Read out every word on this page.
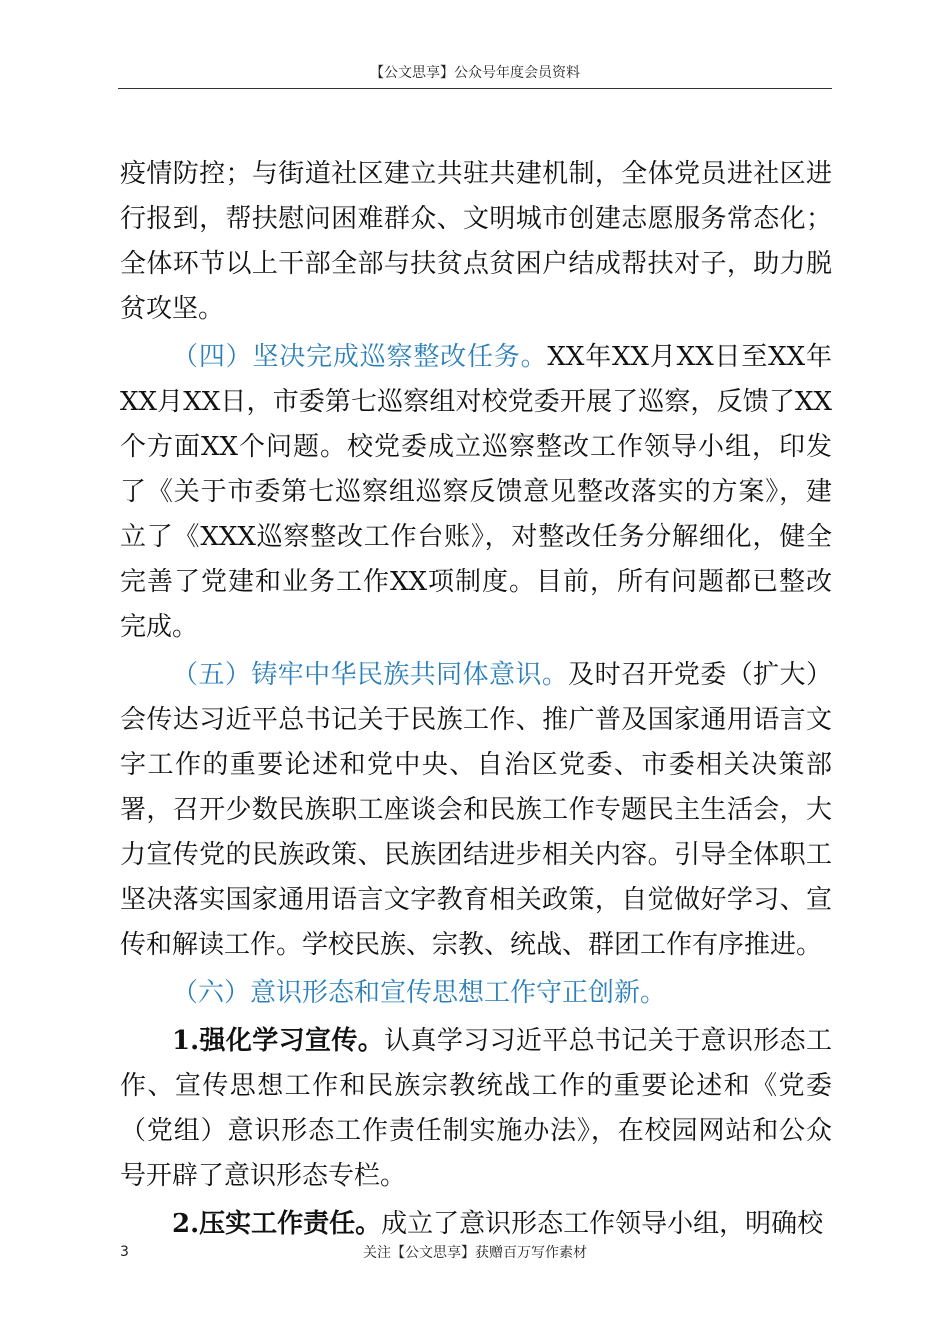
【公文思享】公众号年度会员资料

疫情防控；与街道社区建立共驻共建机制，全体党员进社区进行报到，帮扶慰问困难群众、文明城市创建志愿服务常态化；全体环节以上干部全部与扶贫点贫困户结成帮扶对子，助力脱贫攻坚。

（四）坚决完成巡察整改任务。XX年XX月XX日至XX年XX月XX日，市委第七巡察组对校党委开展了巡察，反馈了XX个方面XX个问题。校党委成立巡察整改工作领导小组，印发了《关于市委第七巡察组巡察反馈意见整改落实的方案》，建立了《XXX巡察整改工作台账》，对整改任务分解细化，健全完善了党建和业务工作XX项制度。目前，所有问题都已整改完成。

（五）铸牢中华民族共同体意识。及时召开党委（扩大）会传达习近平总书记关于民族工作、推广普及国家通用语言文字工作的重要论述和党中央、自治区党委、市委相关决策部署，召开少数民族职工座谈会和民族工作专题民主生活会，大力宣传党的民族政策、民族团结进步相关内容。引导全体职工坚决落实国家通用语言文字教育相关政策，自觉做好学习、宣传和解读工作。学校民族、宗教、统战、群团工作有序推进。

（六）意识形态和宣传思想工作守正创新。

1.强化学习宣传。认真学习习近平总书记关于意识形态工作、宣传思想工作和民族宗教统战工作的重要论述和《党委（党组）意识形态工作责任制实施办法》，在校园网站和公众号开辟了意识形态专栏。

2.压实工作责任。成立了意识形态工作领导小组，明确校

3	关注【公文思享】获赠百万写作素材
